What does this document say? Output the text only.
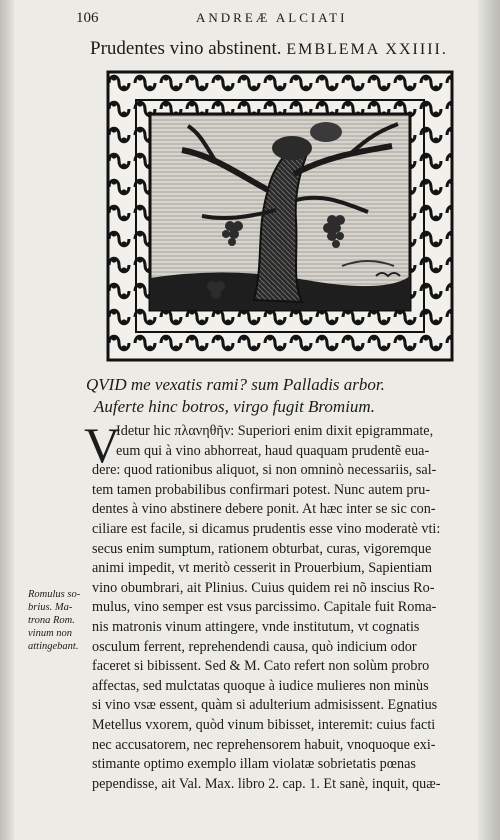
106	ANDREÆ ALCIATI
Prudentes vino abstinent. EMBLEMA XXIIII.
QVID me vexatis rami? sum Palladis arbor.
Auferte hinc botros, virgo fugit Bromium.
V
Idetur hic πλανηθῆν: Superiori enim dixit epigrammate,
eum qui à vino abhorreat, haud quaquam prudentẽ eua-
dere: quod rationibus aliquot, si non omninò necessariis, sal-
tem tamen probabilibus confirmari potest. Nunc autem pru-
dentes à vino abstinere debere ponit. At hæc inter se sic con-
ciliare est facile, si dicamus prudentis esse vino moderatè vti:
secus enim sumptum, rationem obturbat, curas, vigoremque
animi impedit, vt meritò cesserit in Prouerbium, Sapientiam
vino obumbrari, ait Plinius. Cuius quidem rei nõ inscius Ro-
mulus, vino semper est vsus parcissimo. Capitale fuit Roma-
nis matronis vinum attingere, vnde institutum, vt cognatis
osculum ferrent, reprehendendi causa, quò indicium odor
faceret si bibissent. Sed & M. Cato refert non solùm probro
affectas, sed mulctatas quoque à iudice mulieres non minùs
si vino vsæ essent, quàm si adulterium admisissent. Egnatius
Metellus vxorem, quòd vinum bibisset, interemit: cuius facti
nec accusatorem, nec reprehensorem habuit, vnoquoque exi-
stimante optimo exemplo illam violatæ sobrietatis pœnas
pependisse, ait Val. Max. libro 2. cap. 1. Et sanè, inquit, quæ-
Romulus so-
brius. Ma-
trona Rom.
vinum non
attingebant.
